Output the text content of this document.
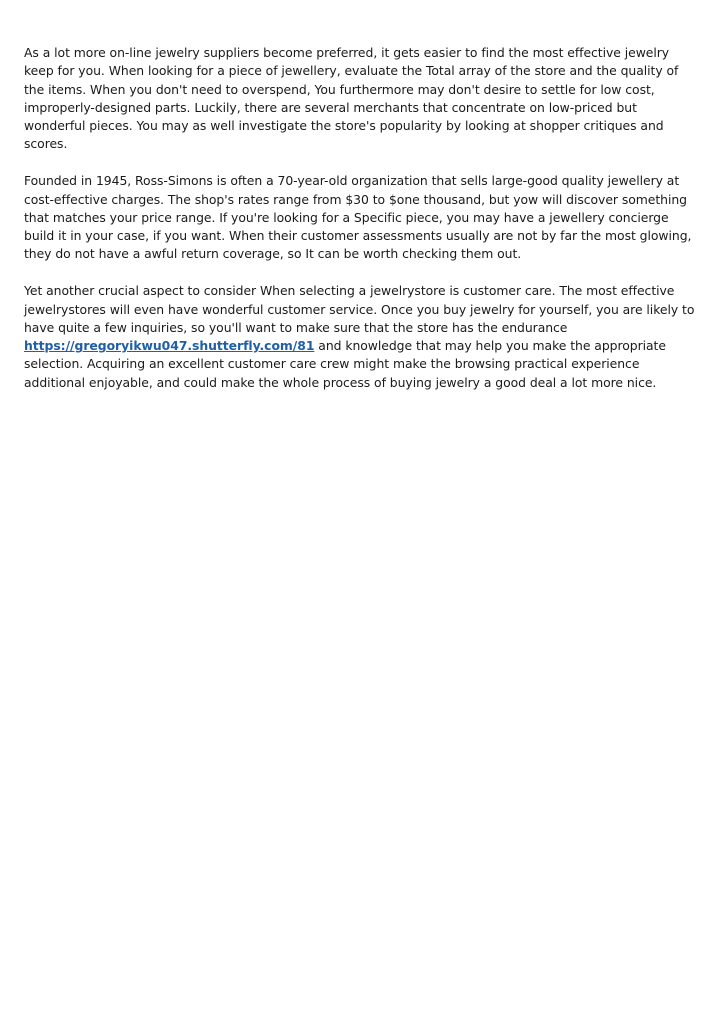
As a lot more on-line jewelry suppliers become preferred, it gets easier to find the most effective jewelry keep for you. When looking for a piece of jewellery, evaluate the Total array of the store and the quality of the items. When you don't need to overspend, You furthermore may don't desire to settle for low cost, improperly-designed parts. Luckily, there are several merchants that concentrate on low-priced but wonderful pieces. You may as well investigate the store's popularity by looking at shopper critiques and scores.

Founded in 1945, Ross-Simons is often a 70-year-old organization that sells large-good quality jewellery at cost-effective charges. The shop's rates range from $30 to $one thousand, but yow will discover something that matches your price range. If you're looking for a Specific piece, you may have a jewellery concierge build it in your case, if you want. When their customer assessments usually are not by far the most glowing, they do not have a awful return coverage, so It can be worth checking them out.

Yet another crucial aspect to consider When selecting a jewelrystore is customer care. The most effective jewelrystores will even have wonderful customer service. Once you buy jewelry for yourself, you are likely to have quite a few inquiries, so you'll want to make sure that the store has the endurance https://gregoryikwu047.shutterfly.com/81 and knowledge that may help you make the appropriate selection. Acquiring an excellent customer care crew might make the browsing practical experience additional enjoyable, and could make the whole process of buying jewelry a good deal a lot more nice.
